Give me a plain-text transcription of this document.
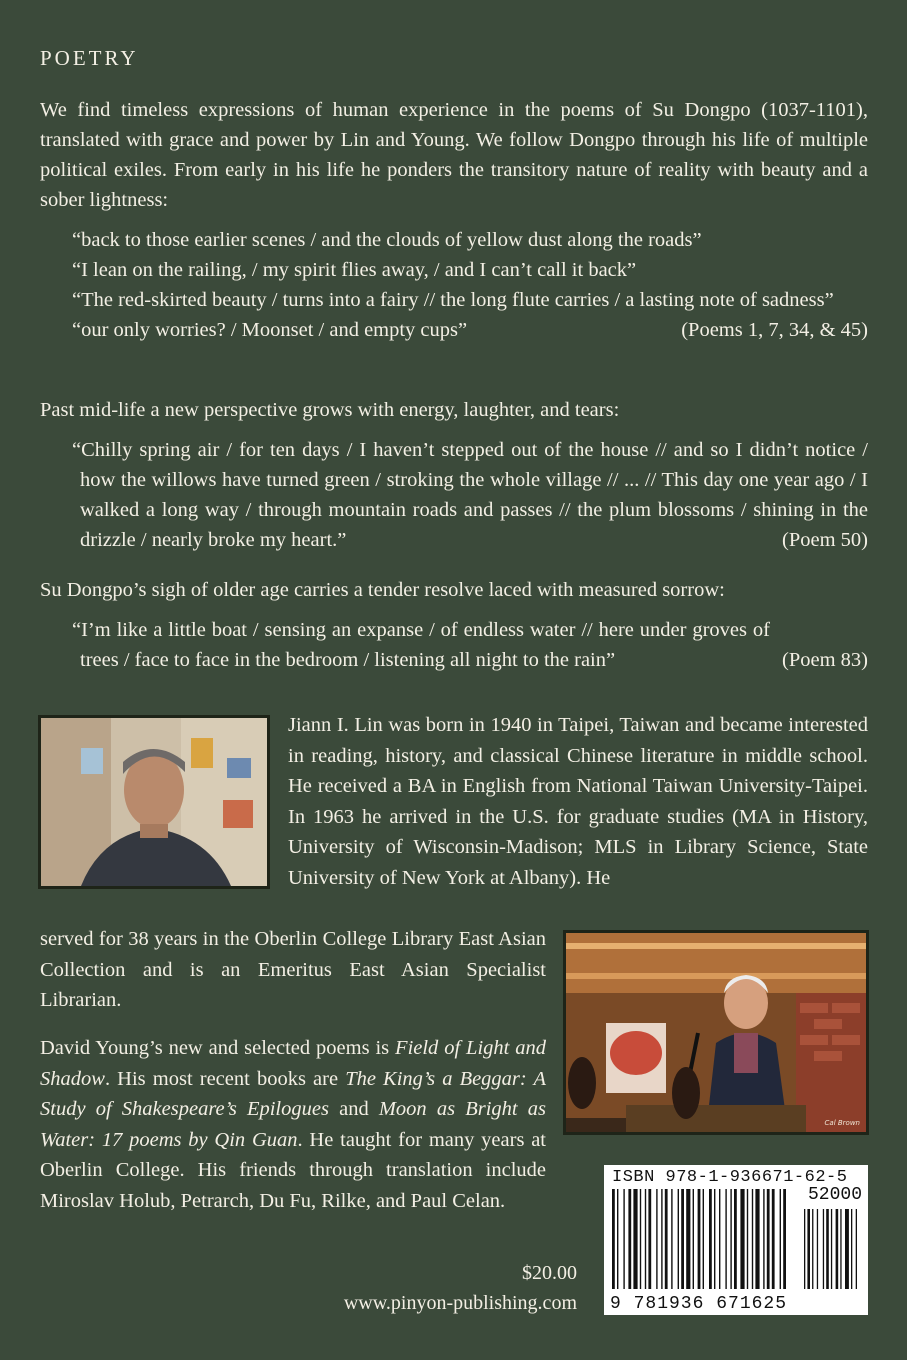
POETRY
We find timeless expressions of human experience in the poems of Su Dongpo (1037-1101), translated with grace and power by Lin and Young. We follow Dongpo through his life of multiple political exiles. From early in his life he ponders the transitory nature of reality with beauty and a sober lightness:
“back to those earlier scenes / and the clouds of yellow dust along the roads”
“I lean on the railing, / my spirit flies away, / and I can’t call it back”
“The red-skirted beauty / turns into a fairy // the long flute carries / a lasting note of sadness”
“our only worries? / Moonset / and empty cups”	(Poems 1, 7, 34, & 45)
Past mid-life a new perspective grows with energy, laughter, and tears:
“Chilly spring air / for ten days / I haven’t stepped out of the house // and so I didn’t notice / how the willows have turned green / stroking the whole village // ... // This day one year ago / I walked a long way / through mountain roads and passes // the plum blossoms / shining in the drizzle / nearly broke my heart.”	(Poem 50)
Su Dongpo’s sigh of older age carries a tender resolve laced with measured sorrow:
“I’m like a little boat / sensing an expanse / of endless water // here under groves of trees / face to face in the bedroom / listening all night to the rain”	(Poem 83)
Jiann I. Lin was born in 1940 in Taipei, Taiwan and became interested in reading, history, and classical Chinese literature in middle school. He received a BA in English from National Taiwan University-Taipei. In 1963 he arrived in the U.S. for graduate studies (MA in History, University of Wisconsin-Madison; MLS in Library Science, State University of New York at Albany). He
served for 38 years in the Oberlin College Library East Asian Collection and is an Emeritus East Asian Specialist Librarian.
Cal Brown
David Young’s new and selected poems is Field of Light and Shadow. His most recent books are The King’s a Beggar: A Study of Shakespeare’s Epilogues and Moon as Bright as Water: 17 poems by Qin Guan. He taught for many years at Oberlin College. His friends through translation include Miroslav Holub, Petrarch, Du Fu, Rilke, and Paul Celan.
$20.00
www.pinyon-publishing.com
ISBN 978-1-936671-62-5
52000
9 781936 671625
